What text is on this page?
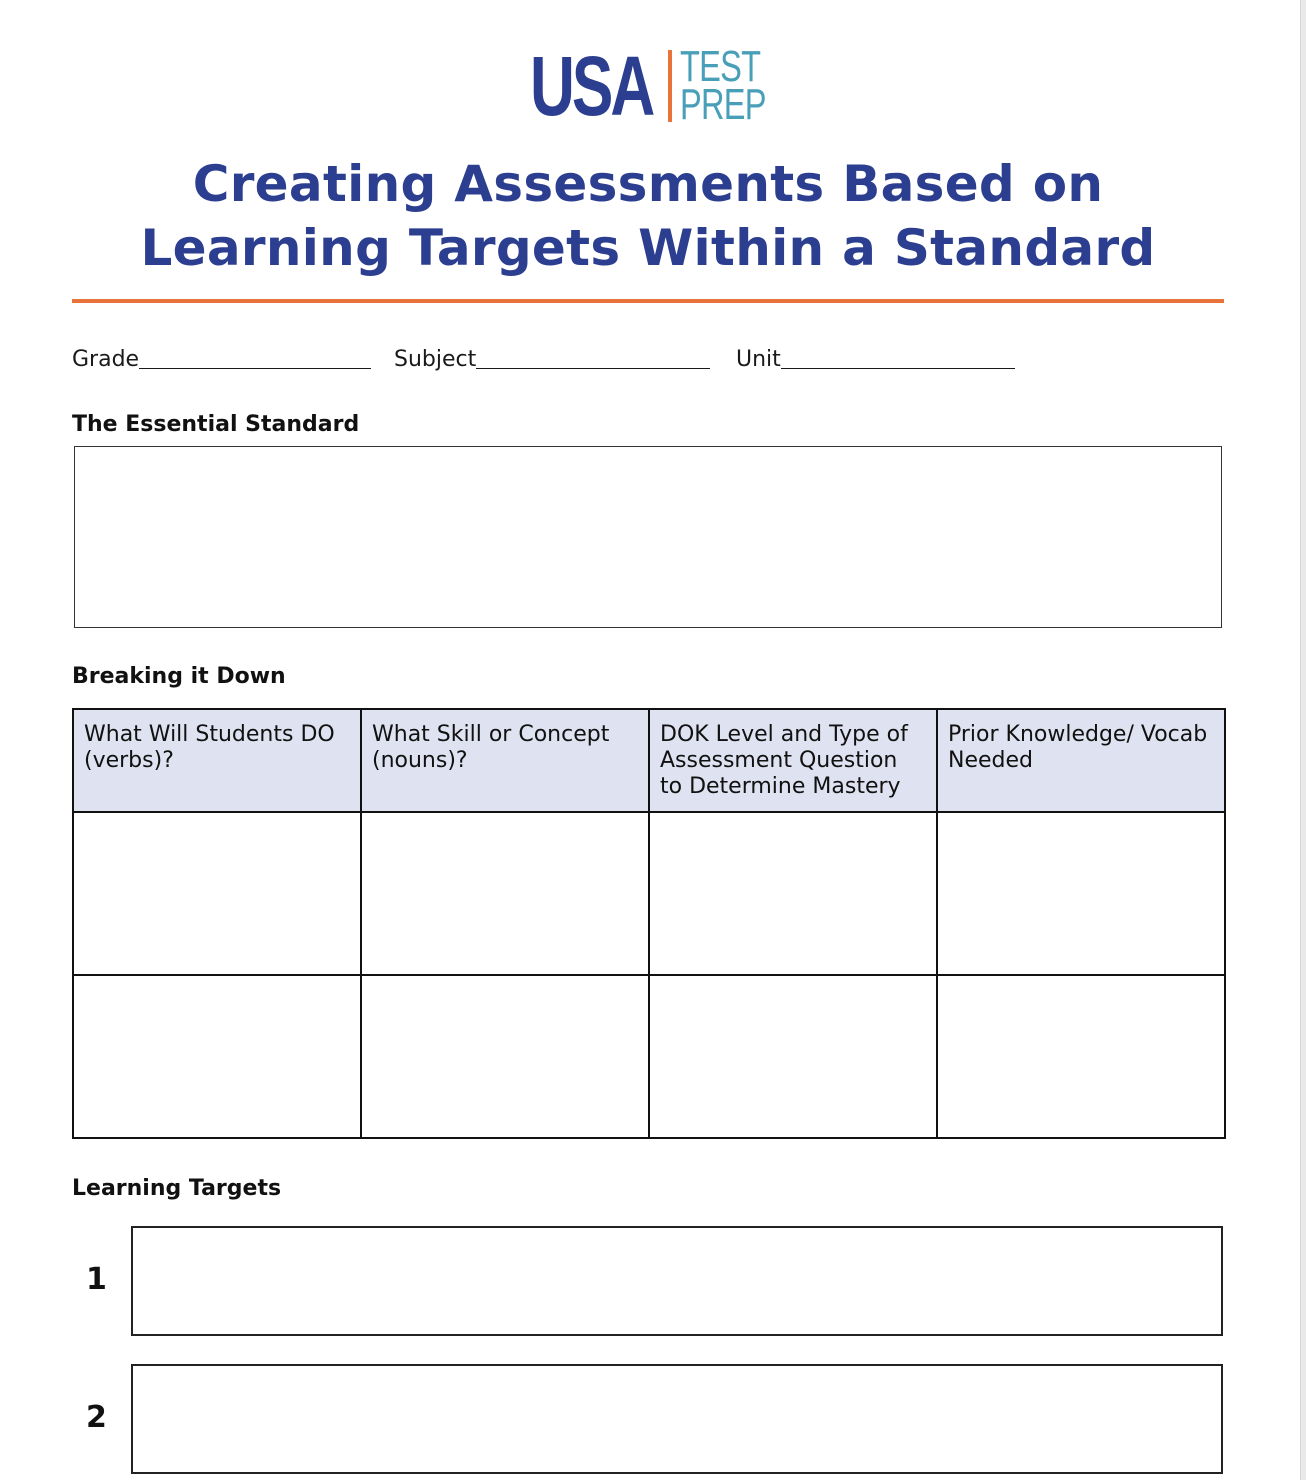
USA TEST
PREP
Creating Assessments Based on
Learning Targets Within a Standard
Grade	Subject	Unit
The Essential Standard
Breaking it Down
What Will Students DO (verbs)?	What Skill or Concept (nouns)?	DOK Level and Type of Assessment Question to Determine Mastery	Prior Knowledge/ Vocab Needed

Learning Targets
1
2
